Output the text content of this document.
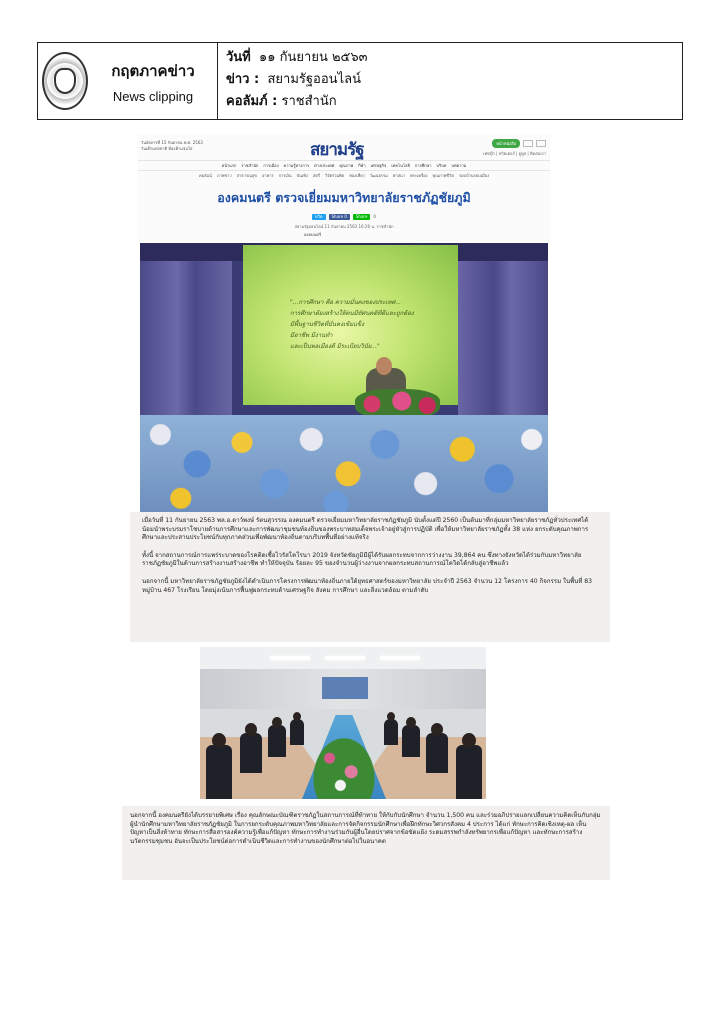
กฤตภาคข่าว
News clipping
วันที่ ๑๑ กันยายน ๒๕๖๓
ข่าว : สยามรัฐออนไลน์
คอลัมภ์ : ราชสำนัก
วันอังคารที่ 15 กันยายน พ.ศ. 2563
วันเด็กแห่งชาติ ท้องฟ้าแจ่มใส	สยามรัฐ	หน้าหนังสือ
เฟซบุ๊ก | ทวิตเตอร์ | ยูทูป | ติดต่อเรา
หน้าแรก ราชสำนัก การเมือง ความรู้ทางการ ต่างประเทศ คุณภาพ กีฬา เศรษฐกิจ เทคโนโลยี การศึกษา บริบท บทความ
คอลัมน์ ภาพข่าว สาธารณสุข อาหาร การเงิน บันเทิง สตรี วิจัยร่วมคิด ท่องเที่ยว วัฒนธรรม ศาสนา พระเครื่อง คุณภาพชีวิต รอบบ้านรอบเมือง
องคมนตรี ตรวจเยี่ยมมหาวิทยาลัยราชภัฏชัยภูมิ
ทวีต	Share 0	Share	0
สยามรัฐออนไลน์ 11 กันยายน 2563 16:26 น. ราชสำนัก
องคมนตรี
"...การศึกษา คือ ความมั่นคงของประเทศ...
การศึกษาต้องสร้างให้คนมีทัศนคติที่ดีและถูกต้อง
มีพื้นฐานชีวิตที่มั่นคงเข้มแข็ง
มีอาชีพ มีงานทำ
และเป็นพลเมืองดี มีระเบียบวินัย..."

เมื่อวันที่ 11 กันยายน 2563 พล.อ.ดาว์พงษ์ รัตนสุวรรณ องคมนตรี ตรวจเยี่ยมมหาวิทยาลัยราชภัฏชัยภูมิ นับตั้งแต่ปี 2560 เป็นต้นมาที่กลุ่มมหาวิทยาลัยราชภัฏทั่วประเทศได้น้อมนำพระบรมราโชบายด้านการศึกษาและการพัฒนาชุมชนท้องถิ่นของพระบาทสมเด็จพระเจ้าอยู่หัวสู่การปฏิบัติ เพื่อให้มหาวิทยาลัยราชภัฏทั้ง 38 แห่ง ยกระดับคุณภาพการศึกษาและประสานประโยชน์กับทุกภาคส่วนเพื่อพัฒนาท้องถิ่นตามบริบทพื้นที่อย่างแท้จริง

ทั้งนี้ จากสถานการณ์การแพร่ระบาดของโรคติดเชื้อไวรัสโคโรนา 2019 จังหวัดชัยภูมิมีผู้ได้รับผลกระทบจากการว่างงาน 39,864 คน ซึ่งทางจังหวัดได้ร่วมกับมหาวิทยาลัยราชภัฏชัยภูมิในด้านการสร้างงานสร้างอาชีพ ทำให้ปัจจุบัน ร้อยละ 95 ของจำนวนผู้ว่างงานจากผลกระทบสถานการณ์โควิดได้กลับสู่อาชีพแล้ว

นอกจากนี้ มหาวิทยาลัยราชภัฏชัยภูมิยังได้ดำเนินการโครงการพัฒนาท้องถิ่นภายใต้ยุทธศาสตร์ของมหาวิทยาลัย ประจำปี 2563 จำนวน 12 โครงการ 40 กิจกรรม ในพื้นที่ 83 หมู่บ้าน 467 โรงเรียน โดยมุ่งเน้นการฟื้นฟูผลกระทบด้านเศรษฐกิจ สังคม การศึกษา และสิ่งแวดล้อม ตามลำดับ

นอกจากนี้ องคมนตรียังได้บรรยายพิเศษ เรื่อง คุณลักษณะบัณฑิตราชภัฏในสถานการณ์ที่ท้าทาย ให้กับกับนักศึกษา จำนวน 1,500 คน และร่วมอภิปรายแลกเปลี่ยนความคิดเห็นกับกลุ่มผู้นำนักศึกษามหาวิทยาลัยราชภัฏชัยภูมิ ในการยกระดับคุณภาพมหาวิทยาลัยและการจัดกิจกรรมนักศึกษาเพื่อฝึกทักษะวิศวกรสังคม 4 ประการ ได้แก่ ทักษะการคิดเชิงเหตุ-ผล เห็นปัญหาเป็นสิ่งท้าทาย ทักษะการสื่อสารองค์ความรู้เพื่อแก้ปัญหา ทักษะการทำงานร่วมกับผู้อื่นโดยปราศจากข้อขัดแย้ง ระดมสรรพกำลังทรัพยากรเพื่อแก้ปัญหา และทักษะการสร้างนวัตกรรมชุมชน อันจะเป็นประโยชน์ต่อการดำเนินชีวิตและการทำงานของนักศึกษาต่อไปในอนาคต
